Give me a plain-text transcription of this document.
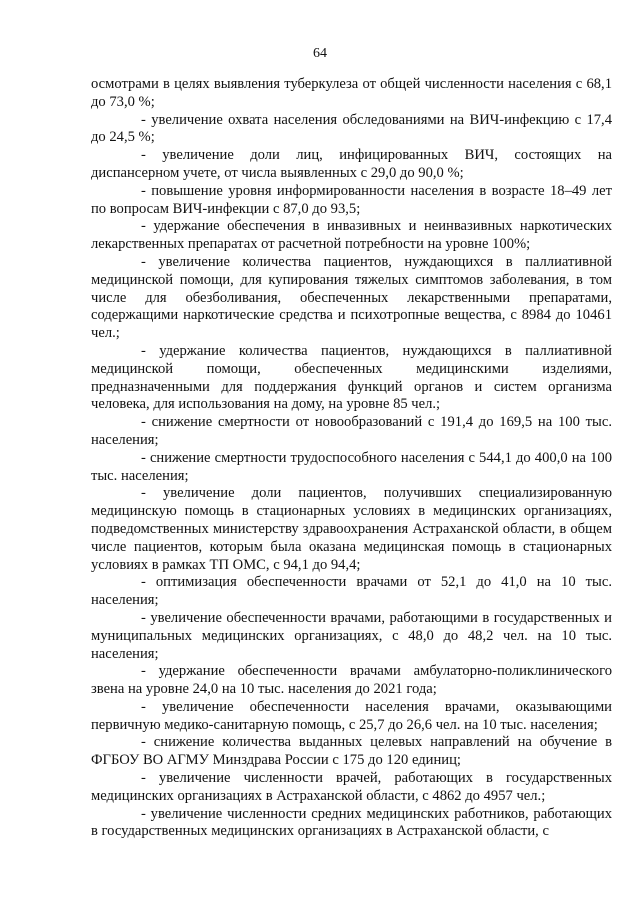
64

осмотрами в целях выявления туберкулеза от общей численности населения с 68,1 до 73,0 %;

- увеличение охвата населения обследованиями на ВИЧ-инфекцию с 17,4 до 24,5 %;

- увеличение доли лиц, инфицированных ВИЧ, состоящих на диспансерном учете, от числа выявленных с 29,0 до 90,0 %;

- повышение уровня информированности населения в возрасте 18–49 лет по вопросам ВИЧ-инфекции с 87,0 до 93,5;

- удержание обеспечения в инвазивных и неинвазивных наркотических лекарственных препаратах от расчетной потребности на уровне 100%;

- увеличение количества пациентов, нуждающихся в паллиативной медицинской помощи, для купирования тяжелых симптомов заболевания, в том числе для обезболивания, обеспеченных лекарственными препаратами, содержащими наркотические средства и психотропные вещества, с 8984 до 10461 чел.;

- удержание количества пациентов, нуждающихся в паллиативной медицинской помощи, обеспеченных медицинскими изделиями, предназначенными для поддержания функций органов и систем организма человека, для использования на дому, на уровне 85 чел.;

- снижение смертности от новообразований с 191,4 до 169,5 на 100 тыс. населения;

- снижение смертности трудоспособного населения с 544,1 до 400,0 на 100 тыс. населения;

- увеличение доли пациентов, получивших специализированную медицинскую помощь в стационарных условиях в медицинских организациях, подведомственных министерству здравоохранения Астраханской области, в общем числе пациентов, которым была оказана медицинская помощь в стационарных условиях в рамках ТП ОМС, с 94,1 до 94,4;

- оптимизация обеспеченности врачами от 52,1 до 41,0 на 10 тыс. населения;

- увеличение обеспеченности врачами, работающими в государственных и муниципальных медицинских организациях, с 48,0 до 48,2 чел. на 10 тыс. населения;

- удержание обеспеченности врачами амбулаторно-поликлинического звена на уровне 24,0 на 10 тыс. населения до 2021 года;

- увеличение обеспеченности населения врачами, оказывающими первичную медико-санитарную помощь, с 25,7 до 26,6 чел. на 10 тыс. населения;

- снижение количества выданных целевых направлений на обучение в ФГБОУ ВО АГМУ Минздрава России с 175 до 120 единиц;

- увеличение численности врачей, работающих в государственных медицинских организациях в Астраханской области, с 4862 до 4957 чел.;

- увеличение численности средних медицинских работников, работающих в государственных медицинских организациях в Астраханской области, с
